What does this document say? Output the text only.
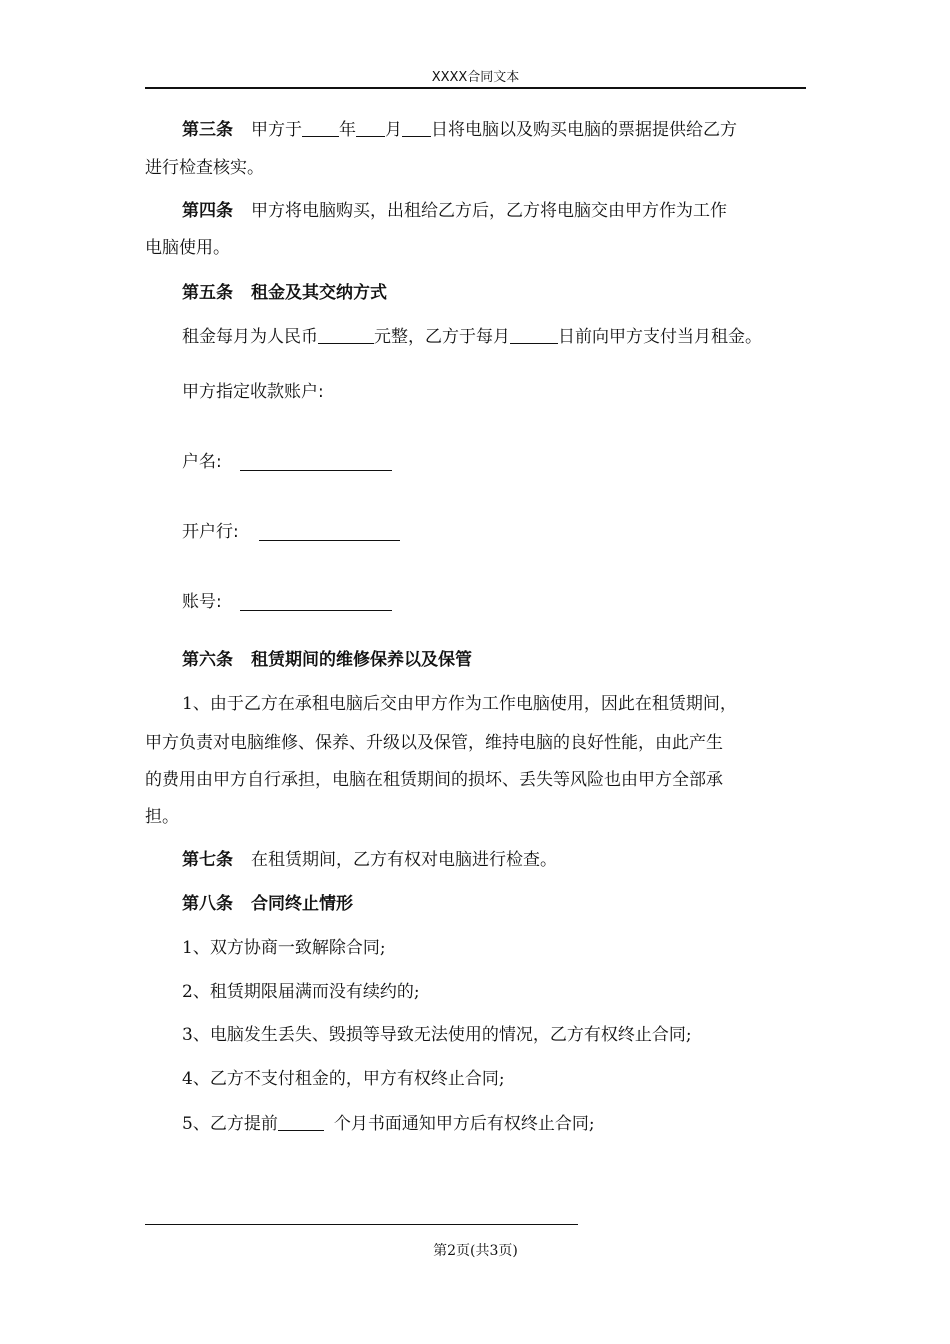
XXXX合同文本
第三条 甲方于 年 月 日将电脑以及购买电脑的票据提供给乙方
进行检查核实。
第四条 甲方将电脑购买，出租给乙方后，乙方将电脑交由甲方作为工作
电脑使用。
第五条 租金及其交纳方式
租金每月为人民币	元整，乙方于每月	日前向甲方支付当月租金。
甲方指定收款账户:
户名:
开户行:
账号:
第六条 租赁期间的维修保养以及保管
1、由于乙方在承租电脑后交由甲方作为工作电脑使用，因此在租赁期间，
甲方负责对电脑维修、保养、升级以及保管，维持电脑的良好性能，由此产生
的费用由甲方自行承担，电脑在租赁期间的损坏、丢失等风险也由甲方全部承
担。
第七条 在租赁期间，乙方有权对电脑进行检查。
第八条 合同终止情形
1、双方协商一致解除合同;
2、租赁期限届满而没有续约的;
3、电脑发生丢失、毁损等导致无法使用的情况，乙方有权终止合同;
4、乙方不支付租金的，甲方有权终止合同;
5、乙方提前	个月书面通知甲方后有权终止合同;
第2页(共3页)
